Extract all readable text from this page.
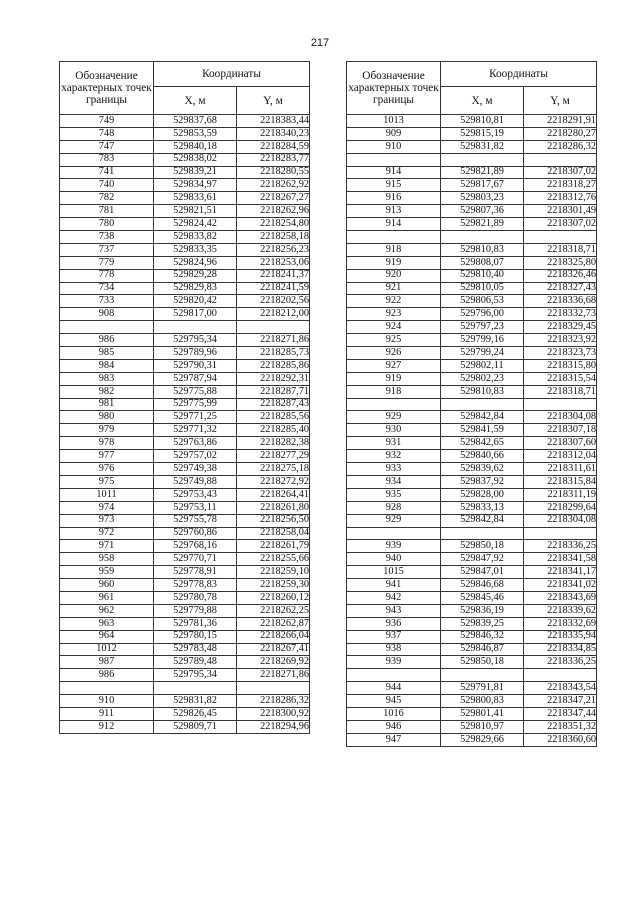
217
Обозначение характерных точек границы	Координаты	
	X, м	Y, м
749	529837,68	2218383,44
748	529853,59	2218340,23
747	529840,18	2218284,59
783	529838,02	2218283,77
741	529839,21	2218280,55
740	529834,97	2218262,92
782	529833,61	2218267,27
781	529821,51	2218262,96
780	529824,42	2218254,80
738	529833,82	2218258,18
737	529833,35	2218256,23
779	529824,96	2218253,06
778	529829,28	2218241,37
734	529829,83	2218241,59
733	529820,42	2218202,56
908	529817,00	2218212,00

986	529795,34	2218271,86
985	529789,96	2218285,73
984	529790,31	2218285,86
983	529787,94	2218292,31
982	529775,88	2218287,71
981	529775,99	2218287,43
980	529771,25	2218285,56
979	529771,32	2218285,40
978	529763,86	2218282,38
977	529757,02	2218277,29
976	529749,38	2218275,18
975	529749,88	2218272,92
1011	529753,43	2218264,41
974	529753,11	2218261,80
973	529755,78	2218256,50
972	529760,86	2218258,04
971	529768,16	2218261,79
958	529770,71	2218255,66
959	529778,91	2218259,10
960	529778,83	2218259,30
961	529780,78	2218260,12
962	529779,88	2218262,25
963	529781,36	2218262,87
964	529780,15	2218266,04
1012	529783,48	2218267,41
987	529789,48	2218269,92
986	529795,34	2218271,86

910	529831,82	2218286,32
911	529826,45	2218300,92
912	529809,71	2218294,96
Обозначение характерных точек границы	Координаты	
	X, м	Y, м
1013	529810,81	2218291,91
909	529815,19	2218280,27
910	529831,82	2218286,32

914	529821,89	2218307,02
915	529817,67	2218318,27
916	529803,23	2218312,76
913	529807,36	2218301,49
914	529821,89	2218307,02

918	529810,83	2218318,71
919	529808,07	2218325,80
920	529810,40	2218326,46
921	529810,05	2218327,43
922	529806,53	2218336,68
923	529796,00	2218332,73
924	529797,23	2218329,45
925	529799,16	2218323,92
926	529799,24	2218323,73
927	529802,11	2218315,80
919	529802,23	2218315,54
918	529810,83	2218318,71

929	529842,84	2218304,08
930	529841,59	2218307,18
931	529842,65	2218307,60
932	529840,66	2218312,04
933	529839,62	2218311,61
934	529837,92	2218315,84
935	529828,00	2218311,19
928	529833,13	2218299,64
929	529842,84	2218304,08

939	529850,18	2218336,25
940	529847,92	2218341,58
1015	529847,01	2218341,17
941	529846,68	2218341,02
942	529845,46	2218343,69
943	529836,19	2218339,62
936	529839,25	2218332,69
937	529846,32	2218335,94
938	529846,87	2218334,85
939	529850,18	2218336,25

944	529791,81	2218343,54
945	529800,83	2218347,21
1016	529801,41	2218347,44
946	529810,97	2218351,32
947	529829,66	2218360,60
